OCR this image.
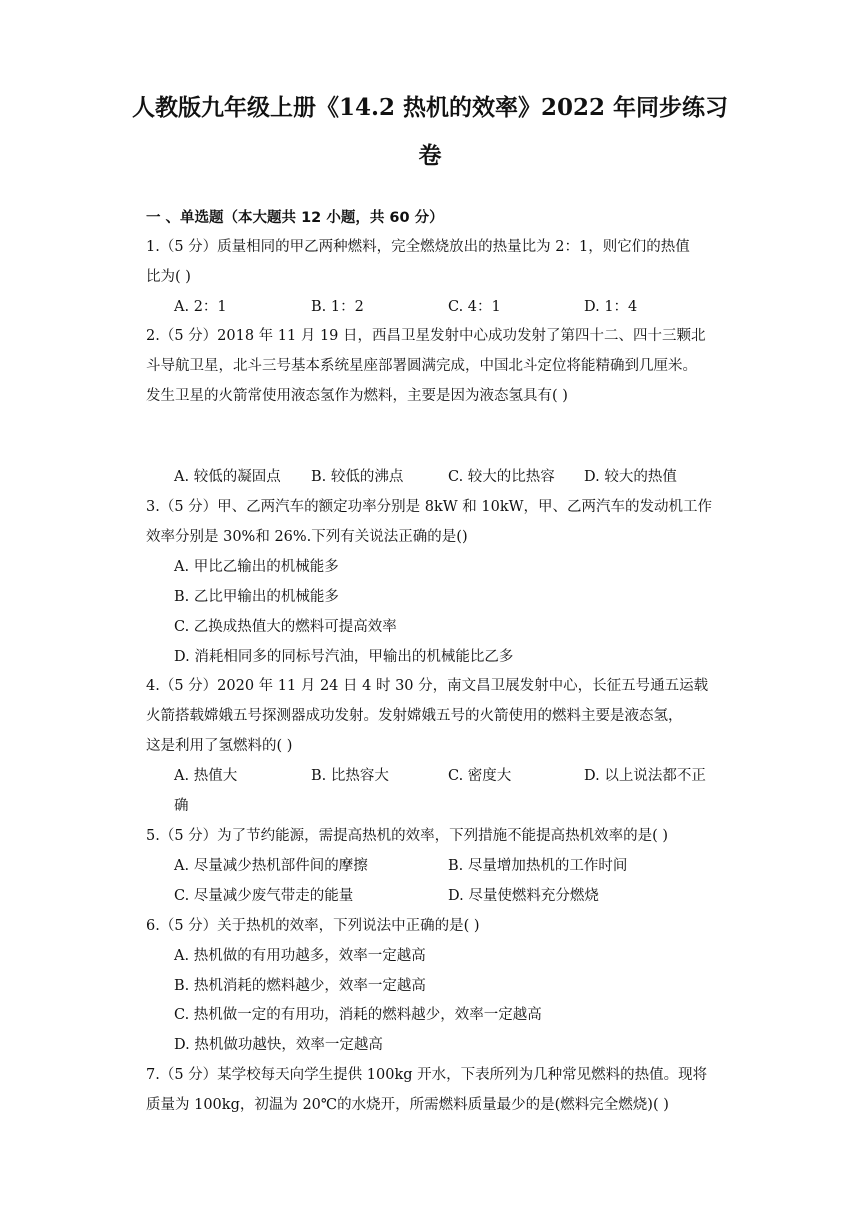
人教版九年级上册《14.2 热机的效率》2022 年同步练习
卷
一 、单选题（本大题共 12 小题，共 60 分）
1.（5 分）质量相同的甲乙两种燃料，完全燃烧放出的热量比为 2：1，则它们的热值
比为( )
A. 2：1	B. 1：2	C. 4：1	D. 1：4
2.（5 分）2018 年 11 月 19 日，西昌卫星发射中心成功发射了第四十二、四十三颗北
斗导航卫星，北斗三号基本系统星座部署圆满完成，中国北斗定位将能精确到几厘米。
发生卫星的火箭常使用液态氢作为燃料，主要是因为液态氢具有( )
A. 较低的凝固点 B. 较低的沸点	C. 较大的比热容 D. 较大的热值
3.（5 分）甲、乙两汽车的额定功率分别是 8kW 和 10kW，甲、乙两汽车的发动机工作
效率分别是 30%和 26%.下列有关说法正确的是()
A. 甲比乙输出的机械能多
B. 乙比甲输出的机械能多
C. 乙换成热值大的燃料可提高效率
D. 消耗相同多的同标号汽油，甲输出的机械能比乙多
4.（5 分）2020 年 11 月 24 日 4 时 30 分，南文昌卫展发射中心，长征五号通五运载
火箭搭载嫦娥五号探测器成功发射。发射嫦娥五号的火箭使用的燃料主要是液态氢，
这是利用了氢燃料的( )
A. 热值大	B. 比热容大	C. 密度大	D. 以上说法都不正
确
5.（5 分）为了节约能源，需提高热机的效率，下列措施不能提高热机效率的是( )
A. 尽量减少热机部件间的摩擦	B. 尽量增加热机的工作时间
C. 尽量减少废气带走的能量	D. 尽量使燃料充分燃烧
6.（5 分）关于热机的效率，下列说法中正确的是( )
A. 热机做的有用功越多，效率一定越高
B. 热机消耗的燃料越少，效率一定越高
C. 热机做一定的有用功，消耗的燃料越少，效率一定越高
D. 热机做功越快，效率一定越高
7.（5 分）某学校每天向学生提供 100kg 开水，下表所列为几种常见燃料的热值。现将
质量为 100kg，初温为 20℃的水烧开，所需燃料质量最少的是(燃料完全燃烧)( )
